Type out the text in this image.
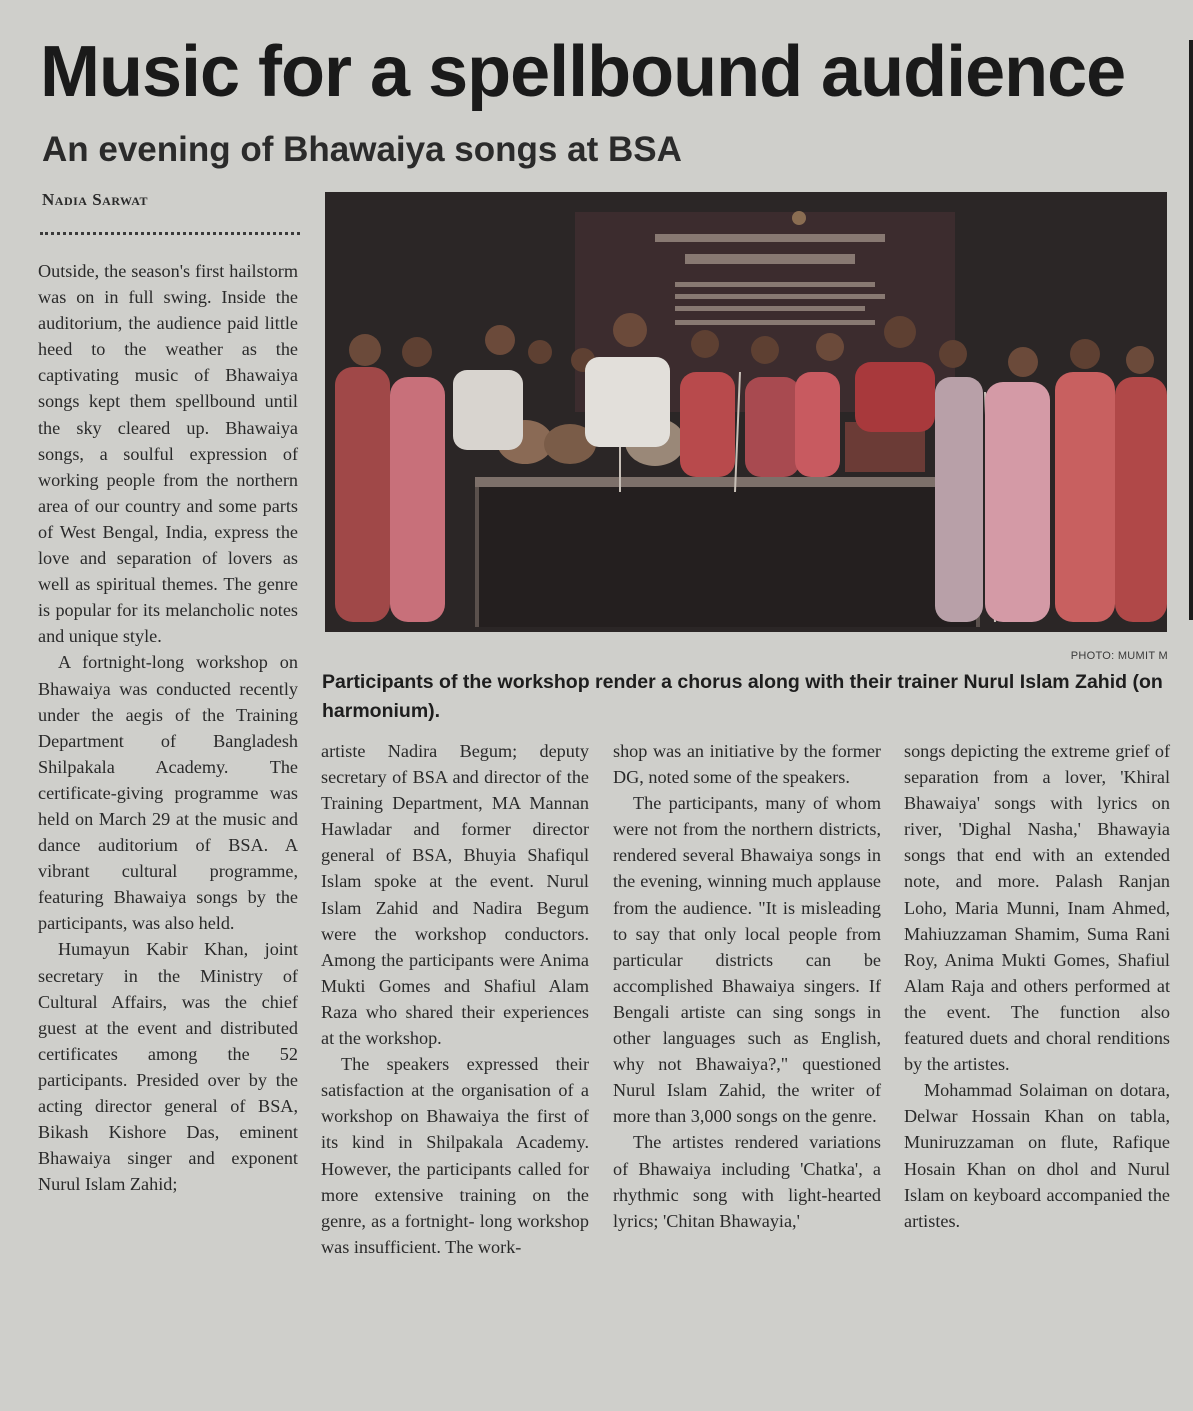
Music for a spellbound audience
An evening of Bhawaiya songs at BSA
Nadia Sarwat

Outside, the season's first hailstorm was on in full swing. Inside the auditorium, the audience paid little heed to the weather as the captivating music of Bhawaiya songs kept them spellbound until the sky cleared up. Bhawaiya songs, a soulful expression of working people from the northern area of our country and some parts of West Bengal, India, express the love and separation of lovers as well as spiritual themes. The genre is popular for its melancholic notes and unique style.

A fortnight-long workshop on Bhawaiya was conducted recently under the aegis of the Training Department of Bangladesh Shilpakala Academy. The certificate-giving programme was held on March 29 at the music and dance auditorium of BSA. A vibrant cultural programme, featuring Bhawaiya songs by the participants, was also held.

Humayun Kabir Khan, joint secretary in the Ministry of Cultural Affairs, was the chief guest at the event and distributed certificates among the 52 participants. Presided over by the acting director general of BSA, Bikash Kishore Das, eminent Bhawaiya singer and exponent Nurul Islam Zahid;

PHOTO: MUMIT M
Participants of the workshop render a chorus along with their trainer Nurul Islam Zahid (on harmonium).

artiste Nadira Begum; deputy secretary of BSA and director of the Training Department, MA Mannan Hawladar and former director general of BSA, Bhuyia Shafiqul Islam spoke at the event. Nurul Islam Zahid and Nadira Begum were the workshop conductors. Among the participants were Anima Mukti Gomes and Shafiul Alam Raza who shared their experiences at the workshop.

The speakers expressed their satisfaction at the organisation of a workshop on Bhawaiya the first of its kind in Shilpakala Academy. However, the participants called for more extensive training on the genre, as a fortnight- long workshop was insufficient. The work-

shop was an initiative by the former DG, noted some of the speakers.

The participants, many of whom were not from the northern districts, rendered several Bhawaiya songs in the evening, winning much applause from the audience. "It is misleading to say that only local people from particular districts can be accomplished Bhawaiya singers. If Bengali artiste can sing songs in other languages such as English, why not Bhawaiya?," questioned Nurul Islam Zahid, the writer of more than 3,000 songs on the genre.

The artistes rendered variations of Bhawaiya including 'Chatka', a rhythmic song with light-hearted lyrics; 'Chitan Bhawayia,'

songs depicting the extreme grief of separation from a lover, 'Khiral Bhawaiya' songs with lyrics on river, 'Dighal Nasha,' Bhawayia songs that end with an extended note, and more. Palash Ranjan Loho, Maria Munni, Inam Ahmed, Mahiuzzaman Shamim, Suma Rani Roy, Anima Mukti Gomes, Shafiul Alam Raja and others performed at the event. The function also featured duets and choral renditions by the artistes.

Mohammad Solaiman on dotara, Delwar Hossain Khan on tabla, Muniruzzaman on flute, Rafique Hosain Khan on dhol and Nurul Islam on keyboard accompanied the artistes.
